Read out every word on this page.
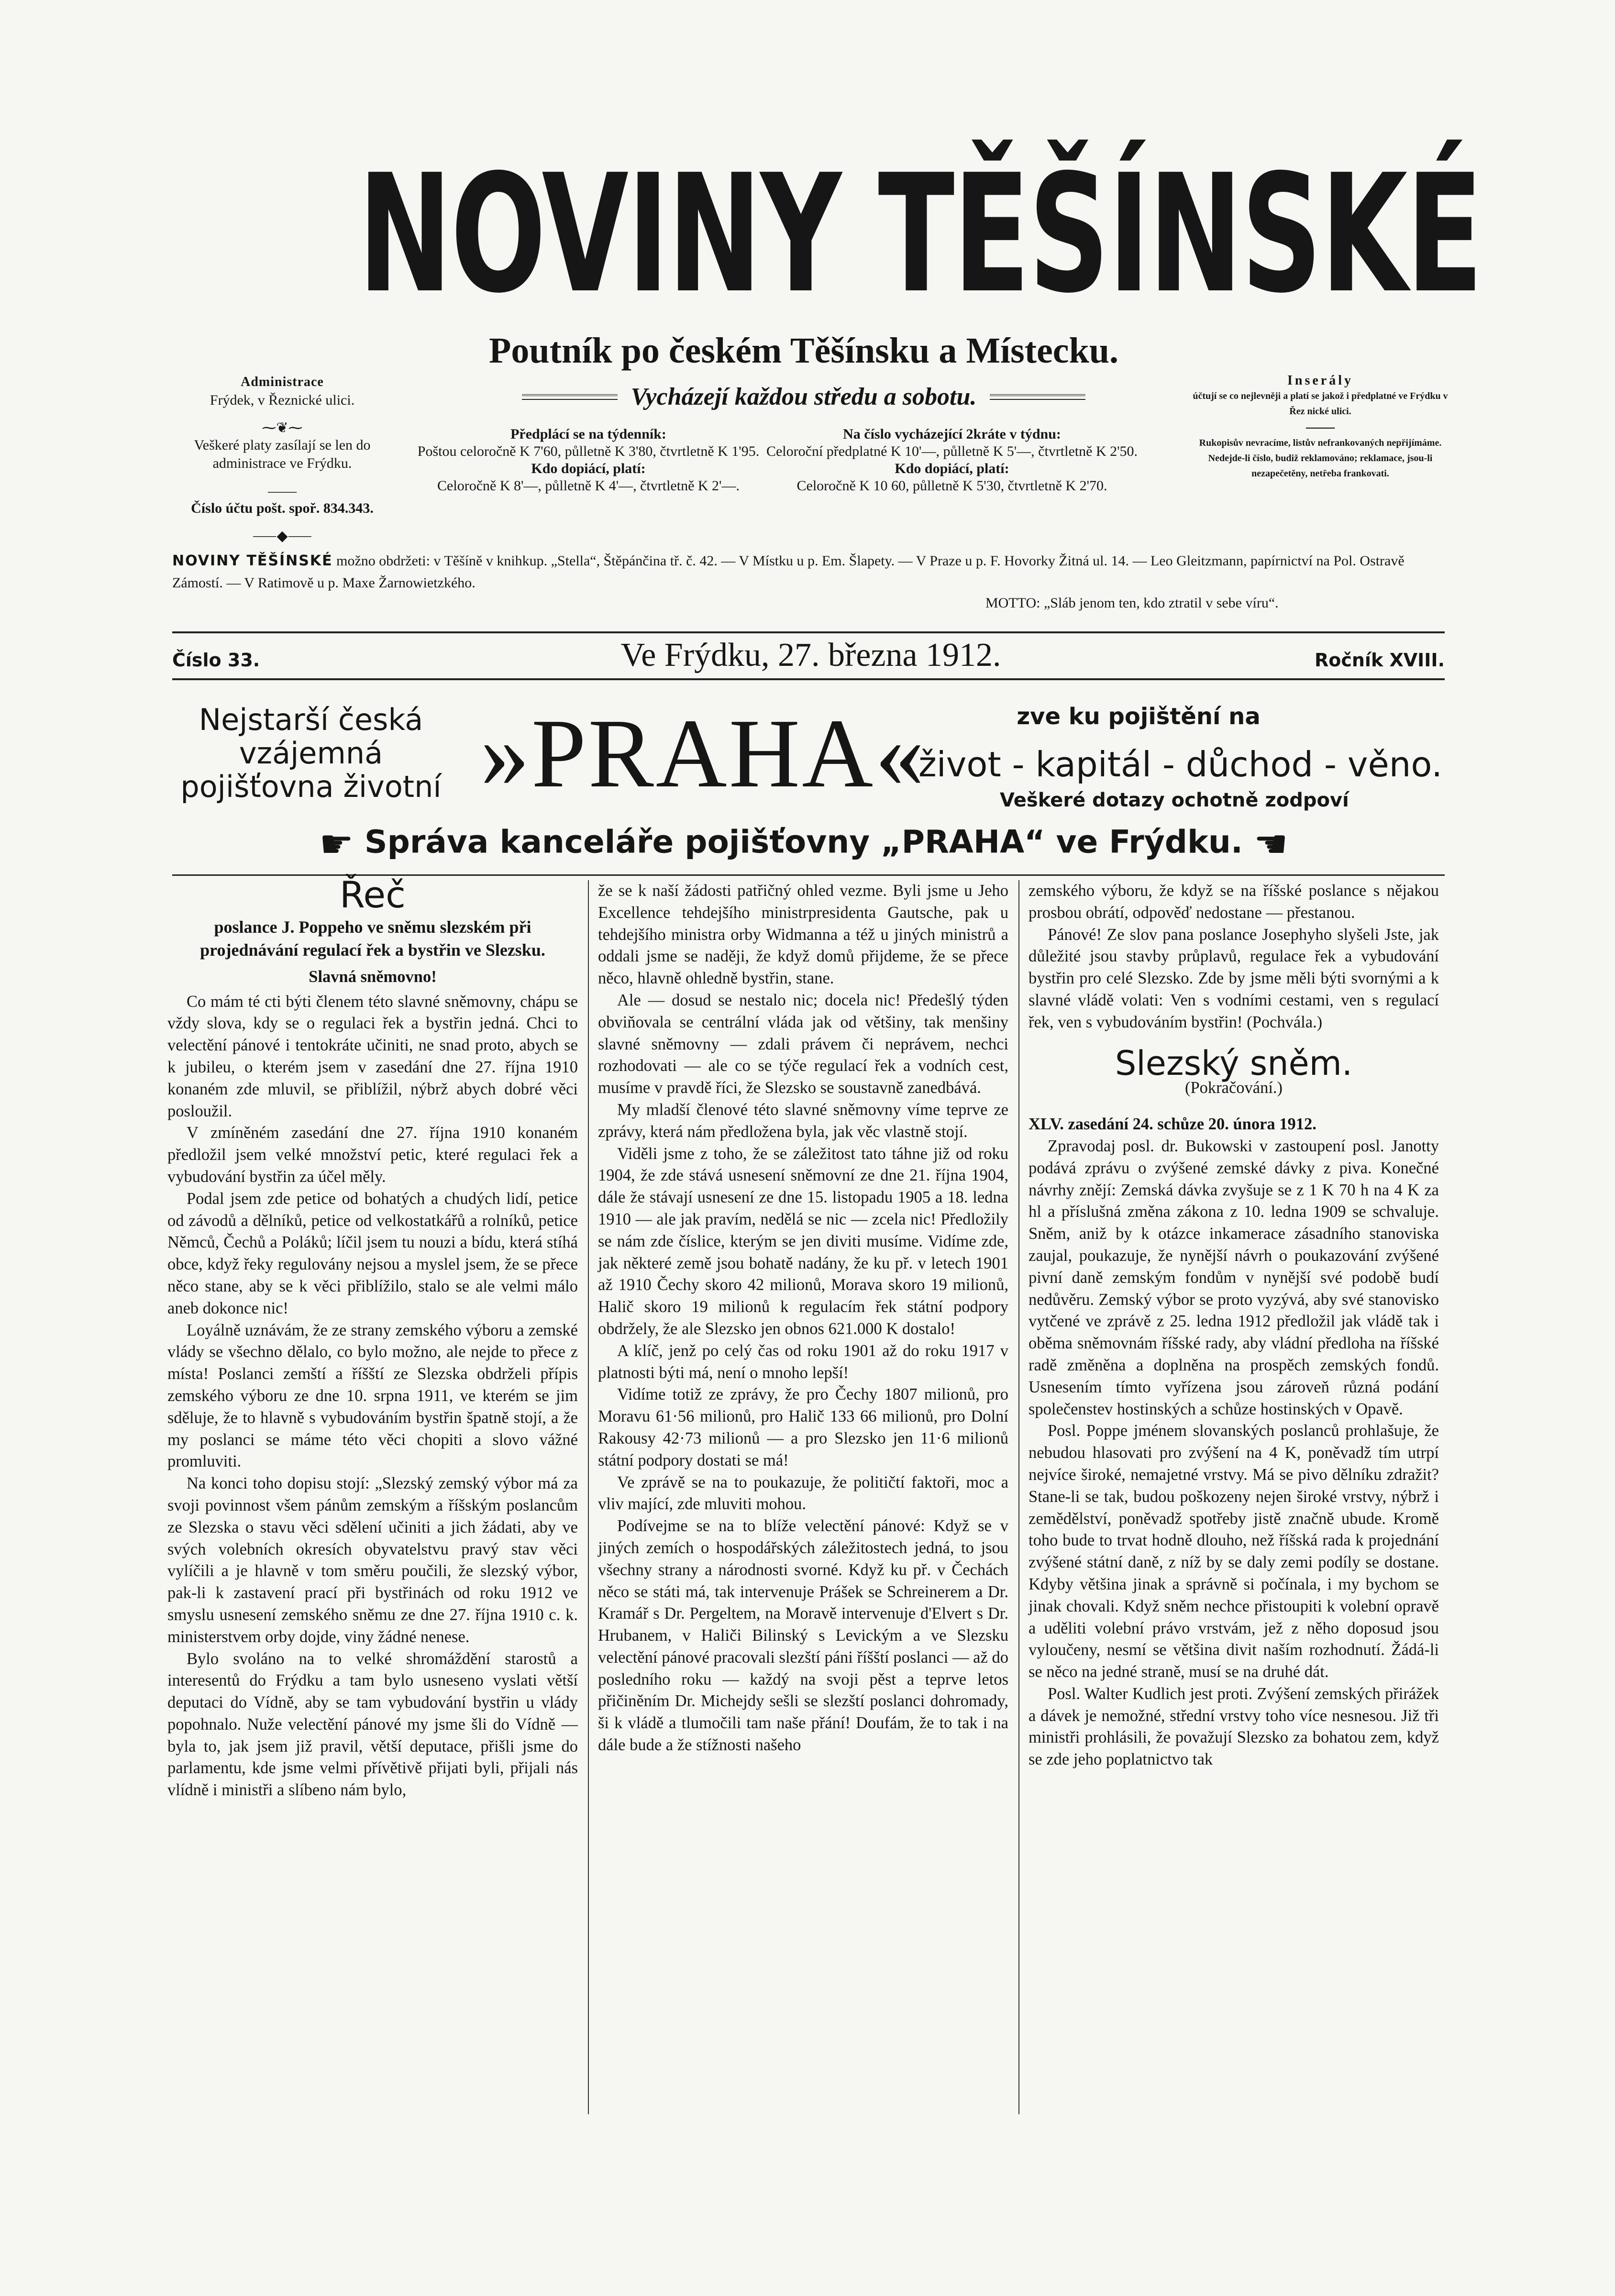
NOVINY TĚŠÍNSKÉ
Poutník po českém Těšínsku a Místecku.
Vycházejí každou středu a sobotu.
Administrace
Frýdek, v Řeznické ulici.
⁓❦⁓
Veškeré platy zasílají se len do administrace ve Frýdku.
——
Číslo účtu pošt. spoř. 834.343.
⸺◆⸺
Předplácí se na týdenník:
Poštou celoročně K 7'60, půlletně K 3'80, čtvrtletně K 1'95.
Kdo dopiácí, platí:
Celoročně K 8'—, půlletně K 4'—, čtvrtletně K 2'—.
Na číslo vycházející 2kráte v týdnu:
Celoroční předplatné K 10'—, půlletně K 5'—, čtvrtletně K 2'50.
Kdo dopiácí, platí:
Celoročně K 10 60, půlletně K 5'30, čtvrtletně K 2'70.
Inserály
účtují se co nejlevněji a platí se jakož i předplatné ve Frýdku v Řez nické ulici.
——
Rukopisův nevracíme, listův nefrankovaných nepřijímáme. Nedejde-li číslo, budiž reklamováno; reklamace, jsou-li nezapečetěny, netřeba frankovati.
NOVINY TĚŠÍNSKÉ možno obdržeti: v Těšíně v knihkup. „Stella“, Štěpánčina tř. č. 42. — V Místku u p. Em. Šlapety. — V Praze u p. F. Hovorky Žitná ul. 14. — Leo Gleitzmann, papírnictví na Pol. Ostravě Zámostí. — V Ratimově u p. Maxe Žarnowietzkého.
MOTTO: „Sláb jenom ten, kdo ztratil v sebe víru“.
Číslo 33.	Ve Frýdku, 27. března 1912.	Ročník XVIII.
Nejstarší česká vzájemná pojišťovna životní »PRAHA«	zve ku pojištění na
život - kapitál - důchod - věno.
Veškeré dotazy ochotně zodpoví
☛ Správa kanceláře pojišťovny „PRAHA“ ve Frýdku. ☚
Řeč
poslance J. Poppeho ve sněmu slezském při projednávání regulací řek a bystřin ve Slezsku.
Slavná sněmovno!

Co mám té cti býti členem této slavné sněmovny, chápu se vždy slova, kdy se o regulaci řek a bystřin jedná. Chci to velectění pánové i tentokráte učiniti, ne snad proto, abych se k jubileu, o kterém jsem v zasedání dne 27. října 1910 konaném zde mluvil, se přiblížil, nýbrž abych dobré věci posloužil.

V zmíněném zasedání dne 27. října 1910 konaném předložil jsem velké množství petic, které regulaci řek a vybudování bystřin za účel měly.

Podal jsem zde petice od bohatých a chudých lidí, petice od závodů a dělníků, petice od velkostatkářů a rolníků, petice Němců, Čechů a Poláků; líčil jsem tu nouzi a bídu, která stíhá obce, když řeky regulovány nejsou a myslel jsem, že se přece něco stane, aby se k věci přiblížilo, stalo se ale velmi málo aneb dokonce nic!

Loyálně uznávám, že ze strany zemského výboru a zemské vlády se všechno dělalo, co bylo možno, ale nejde to přece z místa! Poslanci zemští a říšští ze Slezska obdrželi přípis zemského výboru ze dne 10. srpna 1911, ve kterém se jim sděluje, že to hlavně s vybudováním bystřin špatně stojí, a že my poslanci se máme této věci chopiti a slovo vážné promluviti.

Na konci toho dopisu stojí: „Slezský zemský výbor má za svoji povinnost všem pánům zemským a říšským poslancům ze Slezska o stavu věci sdělení učiniti a jich žádati, aby ve svých volebních okresích obyvatelstvu pravý stav věci vylíčili a je hlavně v tom směru poučili, že slezský výbor, pak-li k zastavení prací při bystřinách od roku 1912 ve smyslu usnesení zemského sněmu ze dne 27. října 1910 c. k. ministerstvem orby dojde, viny žádné nenese.

Bylo svoláno na to velké shromáždění starostů a interesentů do Frýdku a tam bylo usneseno vyslati větší deputaci do Vídně, aby se tam vybudování bystřin u vlády popohnalo. Nuže velectění pánové my jsme šli do Vídně — byla to, jak jsem již pravil, větší deputace, přišli jsme do parlamentu, kde jsme velmi přívětivě přijati byli, přijali nás vlídně i ministři a slíbeno nám bylo,

že se k naší žádosti patřičný ohled vezme. Byli jsme u Jeho Excellence tehdejšího ministrpresidenta Gautsche, pak u tehdejšího ministra orby Widmanna a též u jiných ministrů a oddali jsme se naději, že když domů přijdeme, že se přece něco, hlavně ohledně bystřin, stane.

Ale — dosud se nestalo nic; docela nic! Předešlý týden obviňovala se centrální vláda jak od většiny, tak menšiny slavné sněmovny — zdali právem či neprávem, nechci rozhodovati — ale co se týče regulací řek a vodních cest, musíme v pravdě říci, že Slezsko se soustavně zanedbává.

My mladší členové této slavné sněmovny víme teprve ze zprávy, která nám předložena byla, jak věc vlastně stojí.

Viděli jsme z toho, že se záležitost tato táhne již od roku 1904, že zde stává usnesení sněmovní ze dne 21. října 1904, dále že stávají usnesení ze dne 15. listopadu 1905 a 18. ledna 1910 — ale jak pravím, nedělá se nic — zcela nic! Předložily se nám zde číslice, kterým se jen diviti musíme. Vidíme zde, jak některé země jsou bohatě nadány, že ku př. v letech 1901 až 1910 Čechy skoro 42 milionů, Morava skoro 19 milionů, Halič skoro 19 milionů k regulacím řek státní podpory obdržely, že ale Slezsko jen obnos 621.000 K dostalo!

A klíč, jenž po celý čas od roku 1901 až do roku 1917 v platnosti býti má, není o mnoho lepší!

Vidíme totiž ze zprávy, že pro Čechy 1807 milionů, pro Moravu 61·56 milionů, pro Halič 133 66 milionů, pro Dolní Rakousy 42·73 milionů — a pro Slezsko jen 11·6 milionů státní podpory dostati se má!

Ve zprávě se na to poukazuje, že političtí faktoři, moc a vliv mající, zde mluviti mohou.

Podívejme se na to blíže velectění pánové: Když se v jiných zemích o hospodářských záležitostech jedná, to jsou všechny strany a národnosti svorné. Když ku př. v Čechách něco se státi má, tak intervenuje Prášek se Schreinerem a Dr. Kramář s Dr. Pergeltem, na Moravě intervenuje d'Elvert s Dr. Hrubanem, v Haliči Bilinský s Levickým a ve Slezsku velectění pánové pracovali slezští páni říšští poslanci — až do posledního roku — každý na svoji pěst a teprve letos přičiněním Dr. Michejdy sešli se slezští poslanci dohromady, ši k vládě a tlumočili tam naše přání! Doufám, že to tak i na dále bude a že stížnosti našeho

zemského výboru, že když se na říšské poslance s nějakou prosbou obrátí, odpověď nedostane — přestanou.

Pánové! Ze slov pana poslance Josephyho slyšeli Jste, jak důležité jsou stavby průplavů, regulace řek a vybudování bystřin pro celé Slezsko. Zde by jsme měli býti svornými a k slavné vládě volati: Ven s vodními cestami, ven s regulací řek, ven s vybudováním bystřin! (Pochvála.)

Slezský sněm.
(Pokračování.)

XLV. zasedání 24. schůze 20. února 1912.

Zpravodaj posl. dr. Bukowski v zastoupení posl. Janotty podává zprávu o zvýšené zemské dávky z piva. Konečné návrhy znějí: Zemská dávka zvyšuje se z 1 K 70 h na 4 K za hl a příslušná změna zákona z 10. ledna 1909 se schvaluje. Sněm, aniž by k otázce inkamerace zásadního stanoviska zaujal, poukazuje, že nynější návrh o poukazování zvýšené pivní daně zemským fondům v nynější své podobě budí nedůvěru. Zemský výbor se proto vyzývá, aby své stanovisko vytčené ve zprávě z 25. ledna 1912 předložil jak vládě tak i oběma sněmovnám říšské rady, aby vládní předloha na říšské radě změněna a doplněna na prospěch zemských fondů. Usnesením tímto vyřízena jsou zároveň různá podání společenstev hostinských a schůze hostinských v Opavě.

Posl. Poppe jménem slovanských poslanců prohlašuje, že nebudou hlasovati pro zvýšení na 4 K, poněvadž tím utrpí nejvíce široké, nemajetné vrstvy. Má se pivo dělníku zdražit? Stane-li se tak, budou poškozeny nejen široké vrstvy, nýbrž i zemědělství, poněvadž spotřeby jistě značně ubude. Kromě toho bude to trvat hodně dlouho, než říšská rada k projednání zvýšené státní daně, z níž by se daly zemi podíly se dostane. Kdyby většina jinak a správně si počínala, i my bychom se jinak chovali. Když sněm nechce přistoupiti k volební opravě a uděliti volební právo vrstvám, jež z něho doposud jsou vyloučeny, nesmí se většina divit naším rozhodnutí. Žádá-li se něco na jedné straně, musí se na druhé dát.

Posl. Walter Kudlich jest proti. Zvýšení zemských přirážek a dávek je nemožné, střední vrstvy toho více nesnesou. Již tři ministři prohlásili, že považují Slezsko za bohatou zem, když se zde jeho poplatnictvo tak
